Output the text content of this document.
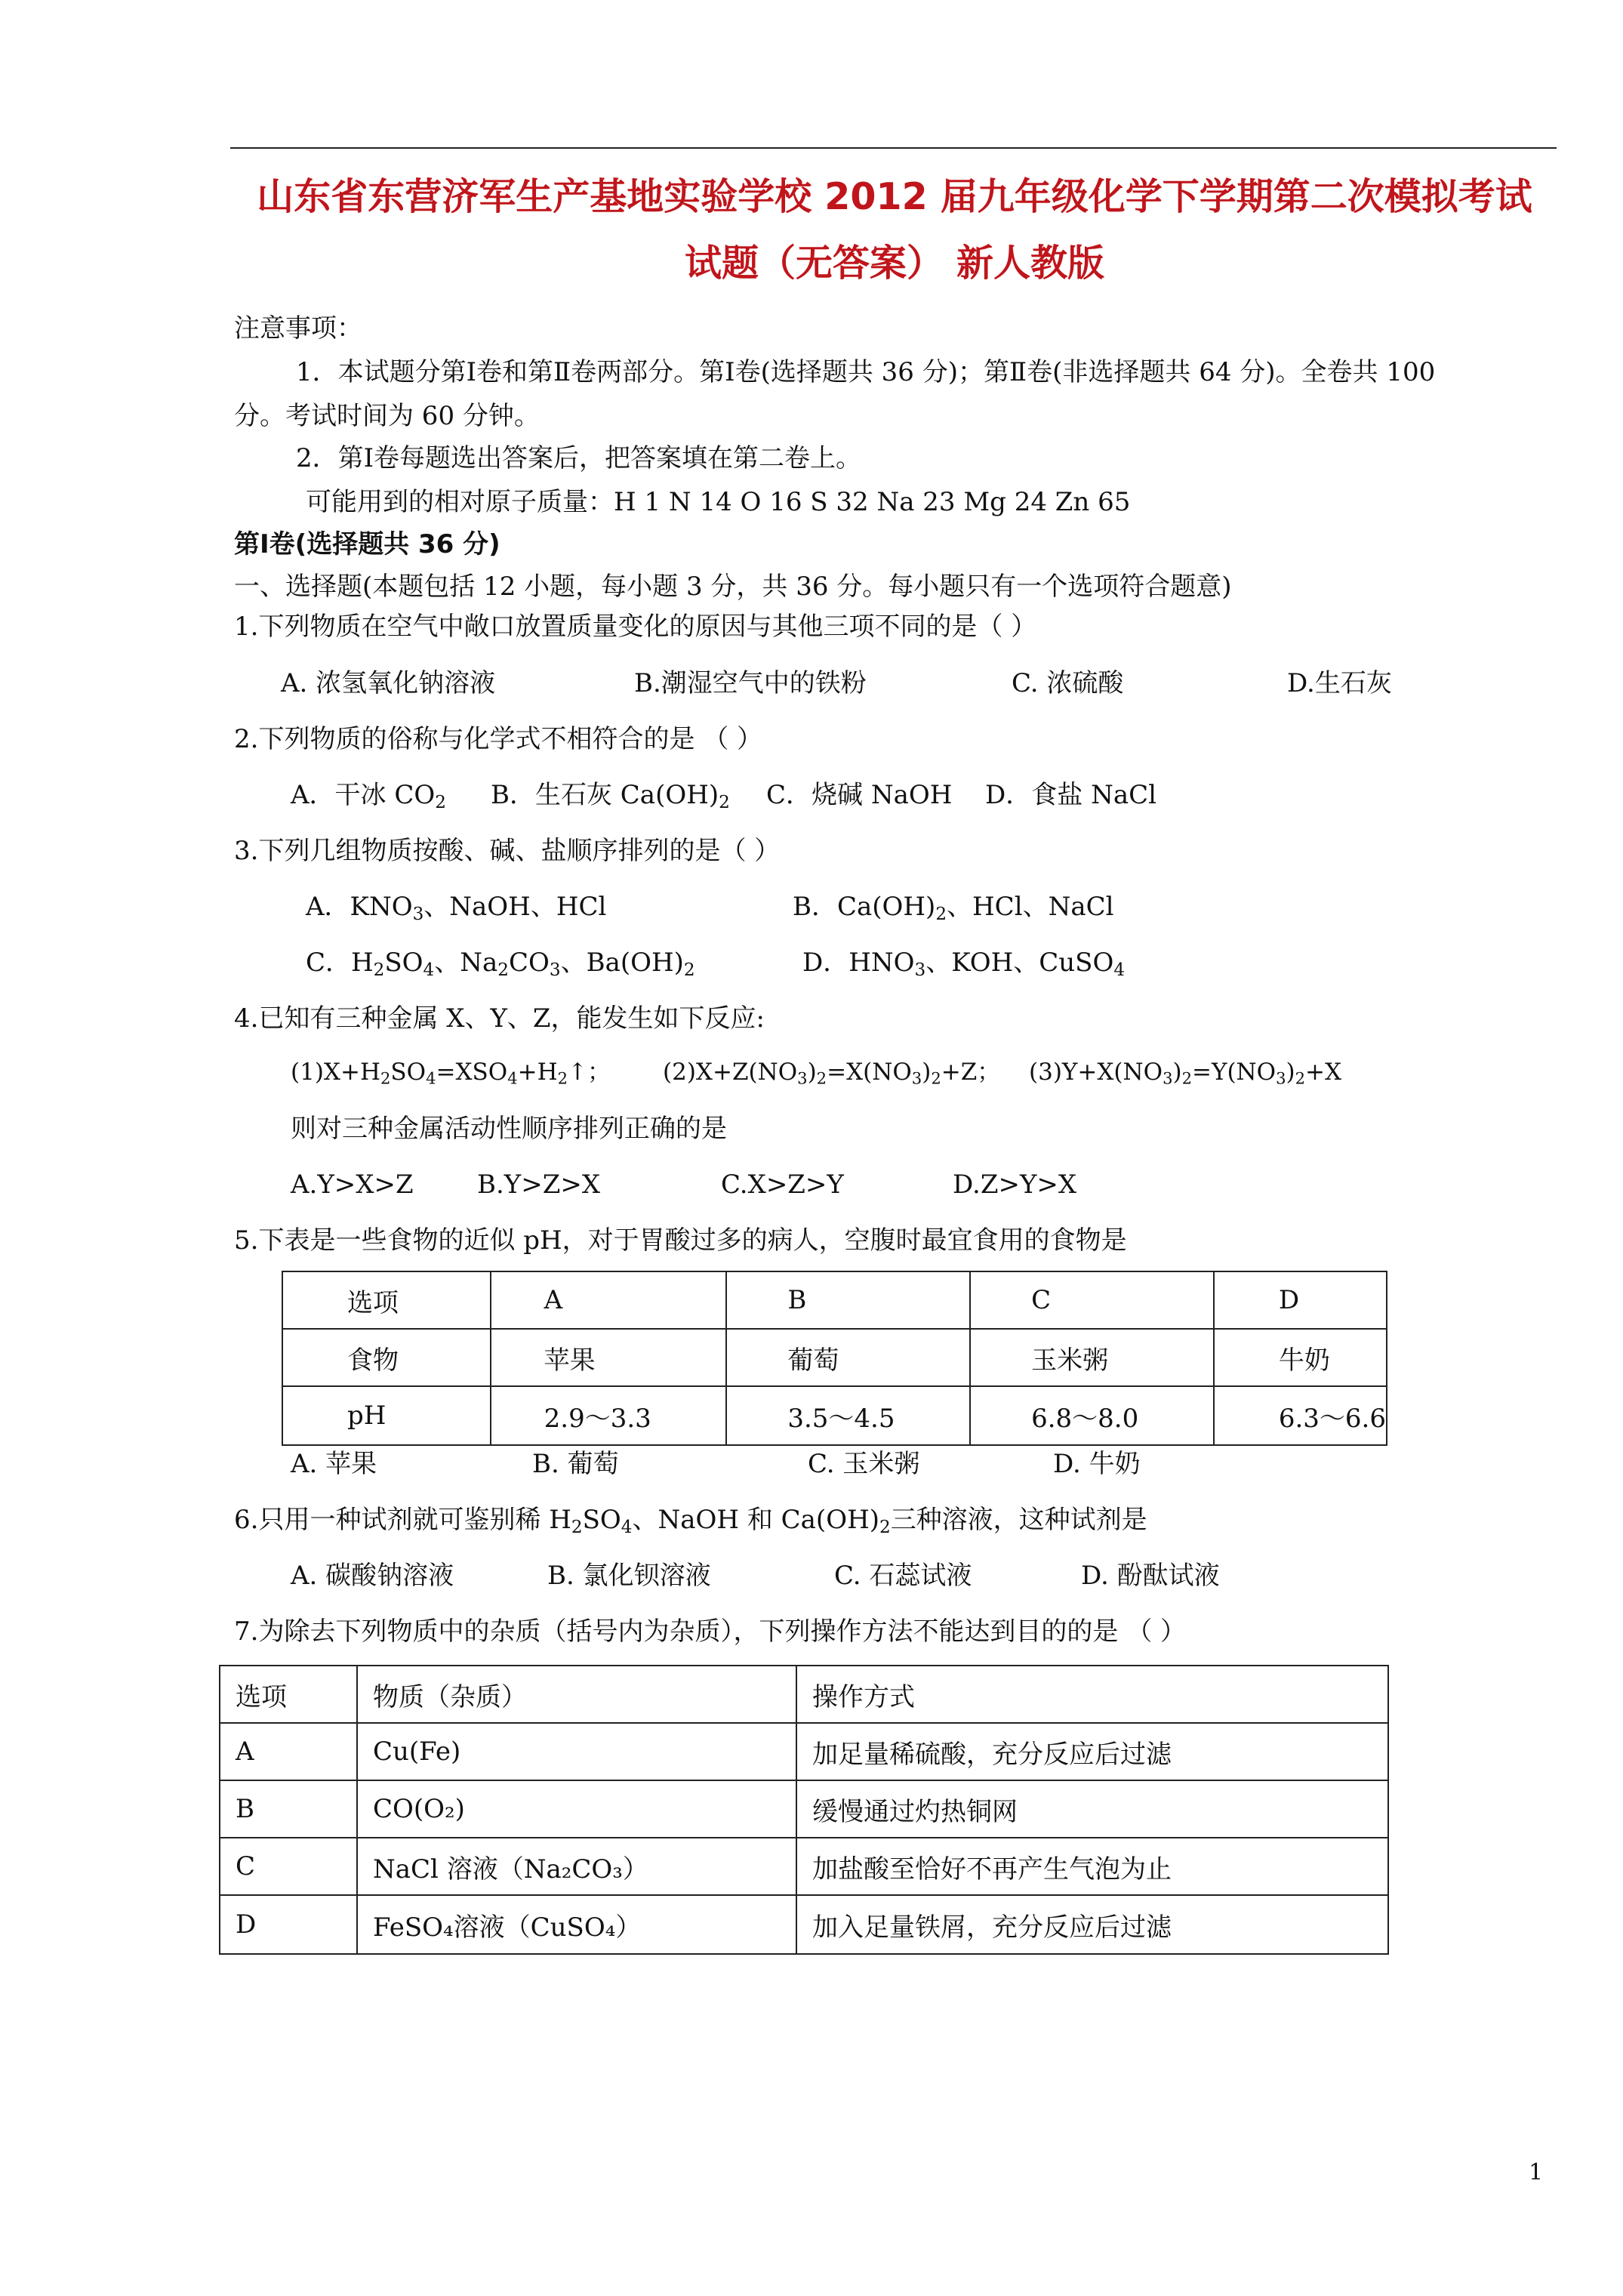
山东省东营济军生产基地实验学校 2012 届九年级化学下学期第二次模拟考试
试题（无答案） 新人教版
注意事项：
1．本试题分第Ⅰ卷和第Ⅱ卷两部分。第Ⅰ卷(选择题共 36 分)；第Ⅱ卷(非选择题共 64 分)。全卷共 100
分。考试时间为 60 分钟。
2．第Ⅰ卷每题选出答案后，把答案填在第二卷上。
可能用到的相对原子质量：H 1 N 14 O 16 S 32 Na 23 Mg 24 Zn 65
第Ⅰ卷(选择题共 36 分)
一、选择题(本题包括 12 小题，每小题 3 分，共 36 分。每小题只有一个选项符合题意)
1.下列物质在空气中敞口放置质量变化的原因与其他三项不同的是（ ）
A. 浓氢氧化钠溶液	B.潮湿空气中的铁粉	C. 浓硫酸	D.生石灰
2.下列物质的俗称与化学式不相符合的是 （ ）
A．干冰 $CO_2$ B．生石灰 $Ca(OH)_2$ C．烧碱 NaOH D．食盐 NaCl
3.下列几组物质按酸、碱、盐顺序排列的是（ ）
A．$KNO_3$、NaOH、HCl	B．$Ca(OH)_2$、HCl、NaCl
C．$H_2SO_4$、$Na_2CO_3$、$Ba(OH)_2$	D．$HNO_3$、KOH、CuSO$_4$
4.已知有三种金属 X、Y、Z，能发生如下反应:
$(1)X+H_2SO_4=XSO_4+H_2↑$； $(2)X+Z(NO_3)_2=X(NO_3)_2+Z$； $(3)Y+X(NO_3)_2=Y(NO_3)_2+X$
则对三种金属活动性顺序排列正确的是
A.Y>X>Z B.Y>Z>X	C.X>Z>Y	D.Z>Y>X
5.下表是一些食物的近似 pH，对于胃酸过多的病人，空腹时最宜食用的食物是
选项	A	B	C	D
食物	苹果	葡萄	玉米粥	牛奶
pH	2.9～3.3	3.5～4.5	6.8～8.0	6.3～6.6
A. 苹果	B. 葡萄	C. 玉米粥	D. 牛奶
6.只用一种试剂就可鉴别稀 $H_2SO_4$、NaOH 和 $Ca(OH)_2$三种溶液，这种试剂是
A. 碳酸钠溶液	B. 氯化钡溶液	C. 石蕊试液	D. 酚酞试液
7.为除去下列物质中的杂质（括号内为杂质），下列操作方法不能达到目的的是 （ ）
选项	物质（杂质）	操作方式
A	Cu(Fe)	加足量稀硫酸，充分反应后过滤
B	CO(O₂)	缓慢通过灼热铜网
C	NaCl 溶液（Na₂CO₃）	加盐酸至恰好不再产生气泡为止
D	FeSO₄溶液（CuSO₄）	加入足量铁屑，充分反应后过滤
1
